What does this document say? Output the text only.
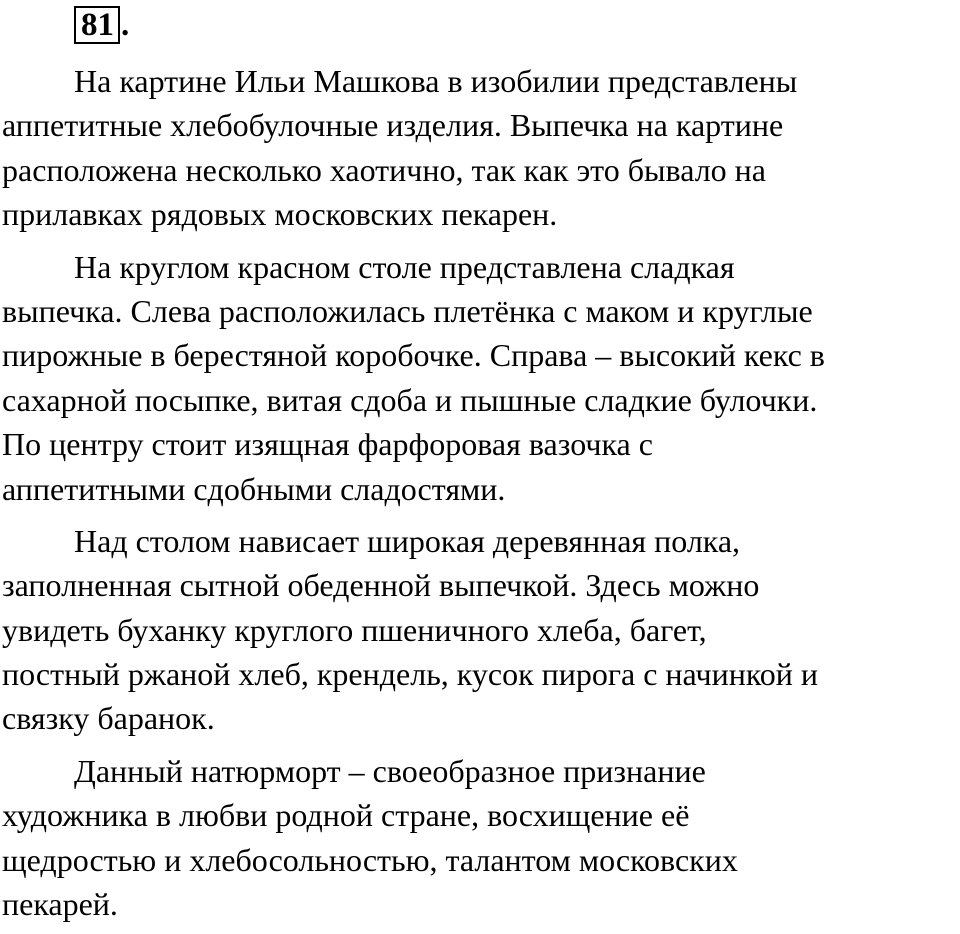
81 .
На картине Ильи Машкова в изобилии представлены
аппетитные хлебобулочные изделия. Выпечка на картине
расположена несколько хаотично, так как это бывало на
прилавках рядовых московских пекарен.
На круглом красном столе представлена сладкая
выпечка. Слева расположилась плетёнка с маком и круглые
пирожные в берестяной коробочке. Справа – высокий кекс в
сахарной посыпке, витая сдоба и пышные сладкие булочки.
По центру стоит изящная фарфоровая вазочка с
аппетитными сдобными сладостями.
Над столом нависает широкая деревянная полка,
заполненная сытной обеденной выпечкой. Здесь можно
увидеть буханку круглого пшеничного хлеба, багет,
постный ржаной хлеб, крендель, кусок пирога с начинкой и
связку баранок.
Данный натюрморт – своеобразное признание
художника в любви родной стране, восхищение её
щедростью и хлебосольностью, талантом московских
пекарей.
